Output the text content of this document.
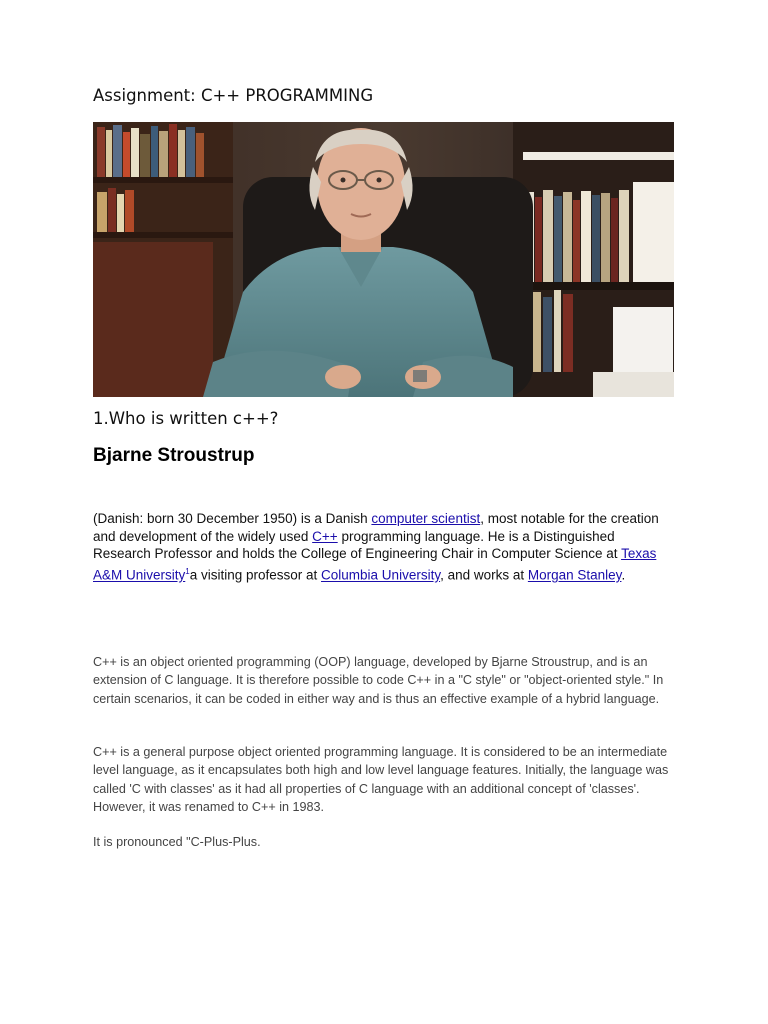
Assignment: C++ PROGRAMMING
1.Who is written c++?
Bjarne Stroustrup
(Danish: born 30 December 1950) is a Danish computer scientist, most notable for the creation and development of the widely used C++ programming language. He is a Distinguished Research Professor and holds the College of Engineering Chair in Computer Science at Texas A&M University$^1$a visiting professor at Columbia University, and works at Morgan Stanley.
C++ is an object oriented programming (OOP) language, developed by Bjarne Stroustrup, and is an extension of C language. It is therefore possible to code C++ in a "C style" or "object-oriented style." In certain scenarios, it can be coded in either way and is thus an effective example of a hybrid language.
C++ is a general purpose object oriented programming language. It is considered to be an intermediate level language, as it encapsulates both high and low level language features. Initially, the language was called 'C with classes' as it had all properties of C language with an additional concept of 'classes'. However, it was renamed to C++ in 1983.
It is pronounced "C-Plus-Plus.
